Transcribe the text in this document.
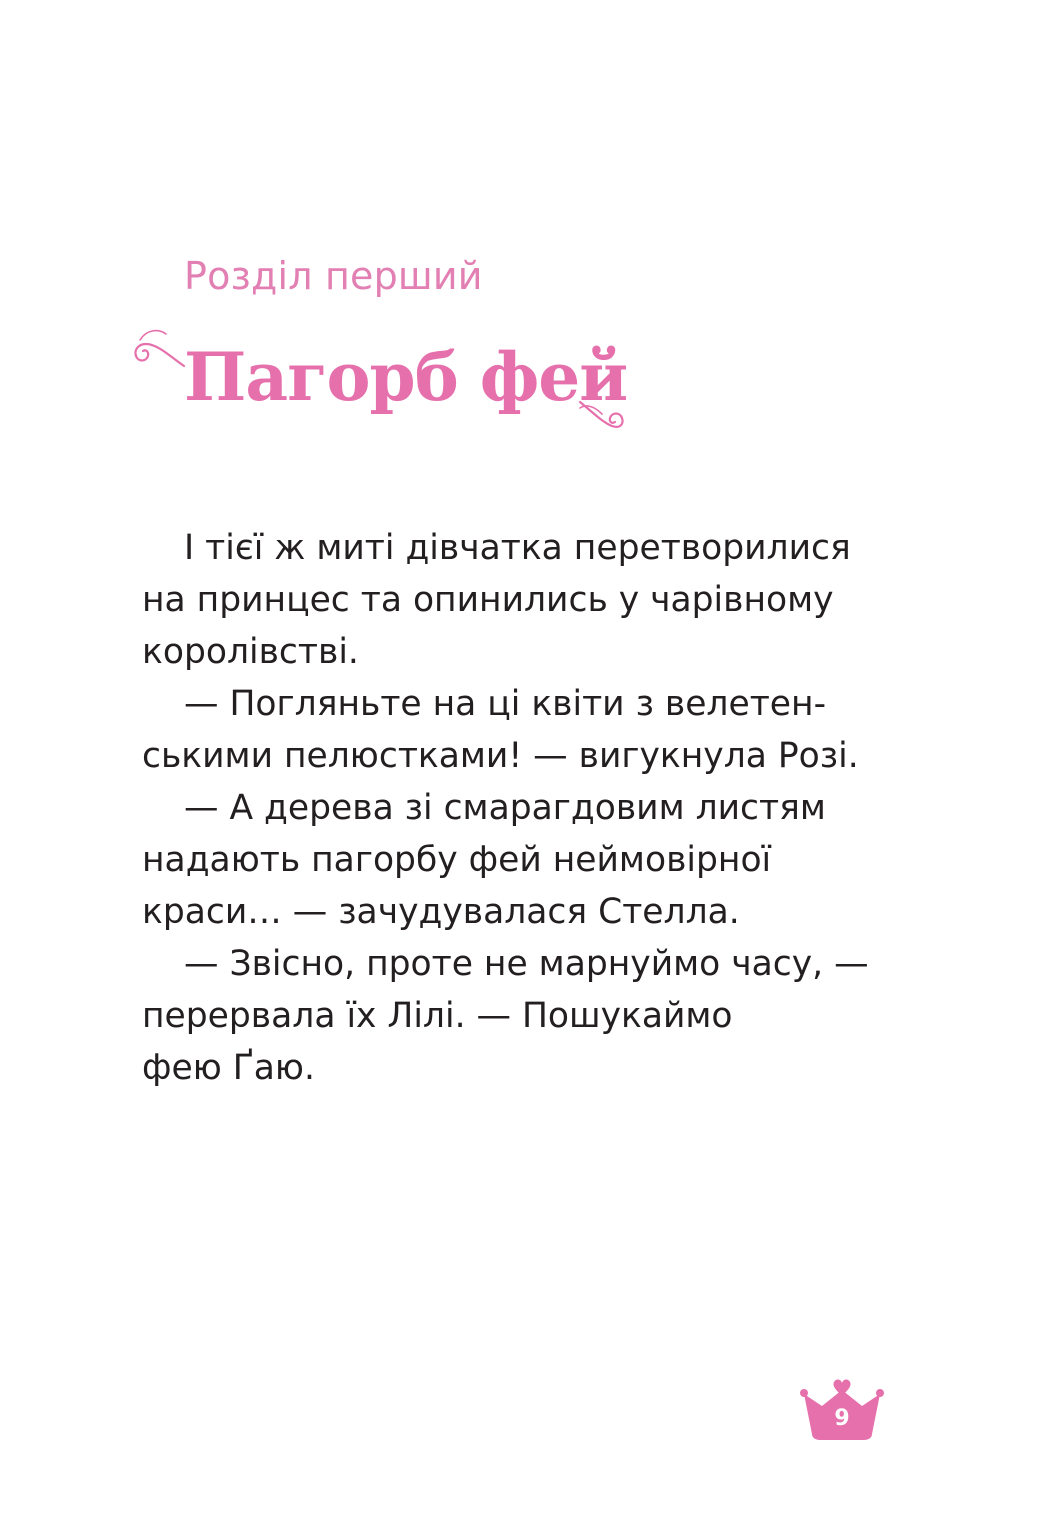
Розділ перший
Пагорб фей
І тієї ж миті дівчатка перетворилися
на принцес та опинились у чарівному
королівстві.
— Погляньте на ці квіти з велетен-
ськими пелюстками! — вигукнула Розі.
— А дерева зі смарагдовим листям
надають пагорбу фей неймовірної
краси… — зачудувалася Стелла.
— Звісно, проте не марнуймо часу, —
перервала їх Лілі. — Пошукаймо
фею Ґаю.
9
